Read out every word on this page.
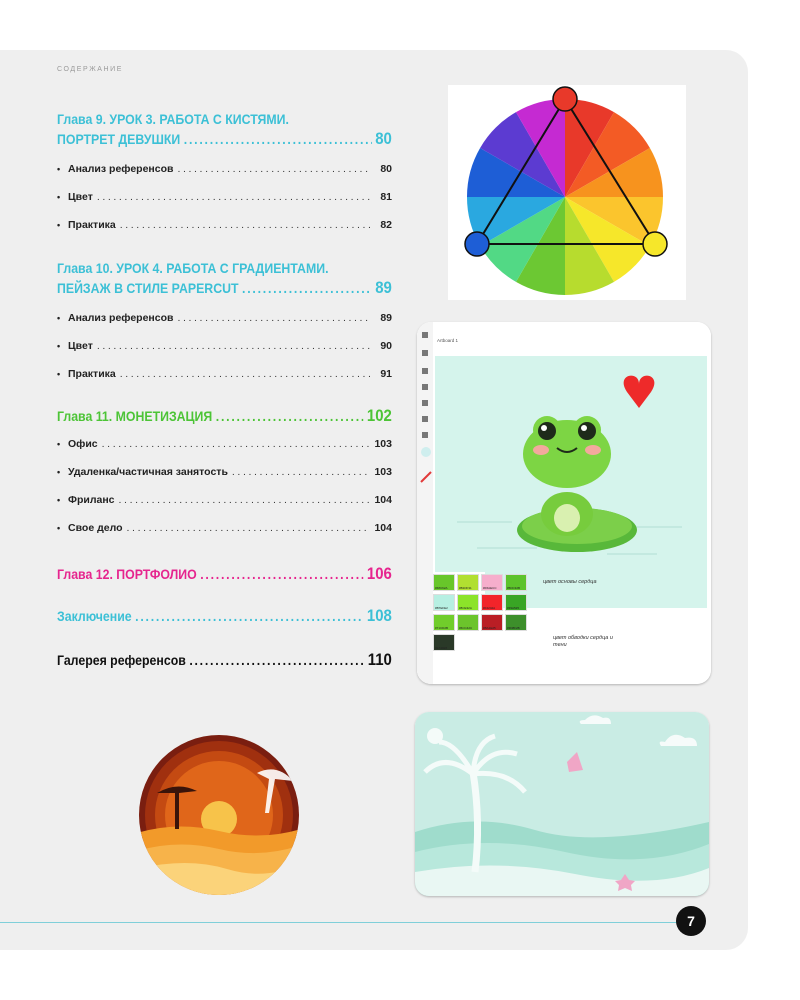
СОДЕРЖАНИЕ
Глава 9. УРОК 3. РАБОТА С КИСТЯМИ.
ПОРТРЕТ ДЕВУШКИ .....	80
• Анализ референсов .....	80
• Цвет .....	81
• Практика .....	82
Глава 10. УРОК 4. РАБОТА С ГРАДИЕНТАМИ.
ПЕЙЗАЖ В СТИЛЕ PAPERCUT .....	89
• Анализ референсов .....	89
• Цвет .....	90
• Практика .....	91
Глава 11. МОНЕТИЗАЦИЯ .....	102
• Офис .....	103
• Удаленка/частичная занятость .....	103
• Фриланс .....	104
• Свое дело .....	104
Глава 12. ПОРТФОЛИО .....	106
Заключение .....	108
Галерея референсов .....	110
Artboard 1
цвет основы сердца
цвет обводки сердца и тени
#68C62A	#B1DF31	#F6AECC	#5DC32B
#B7EFE2	#8CE32A	#F2242A	#39A525
#71CD2B	#6CC42C	#BA1E25	#3D8F2B
#2A3928
7
